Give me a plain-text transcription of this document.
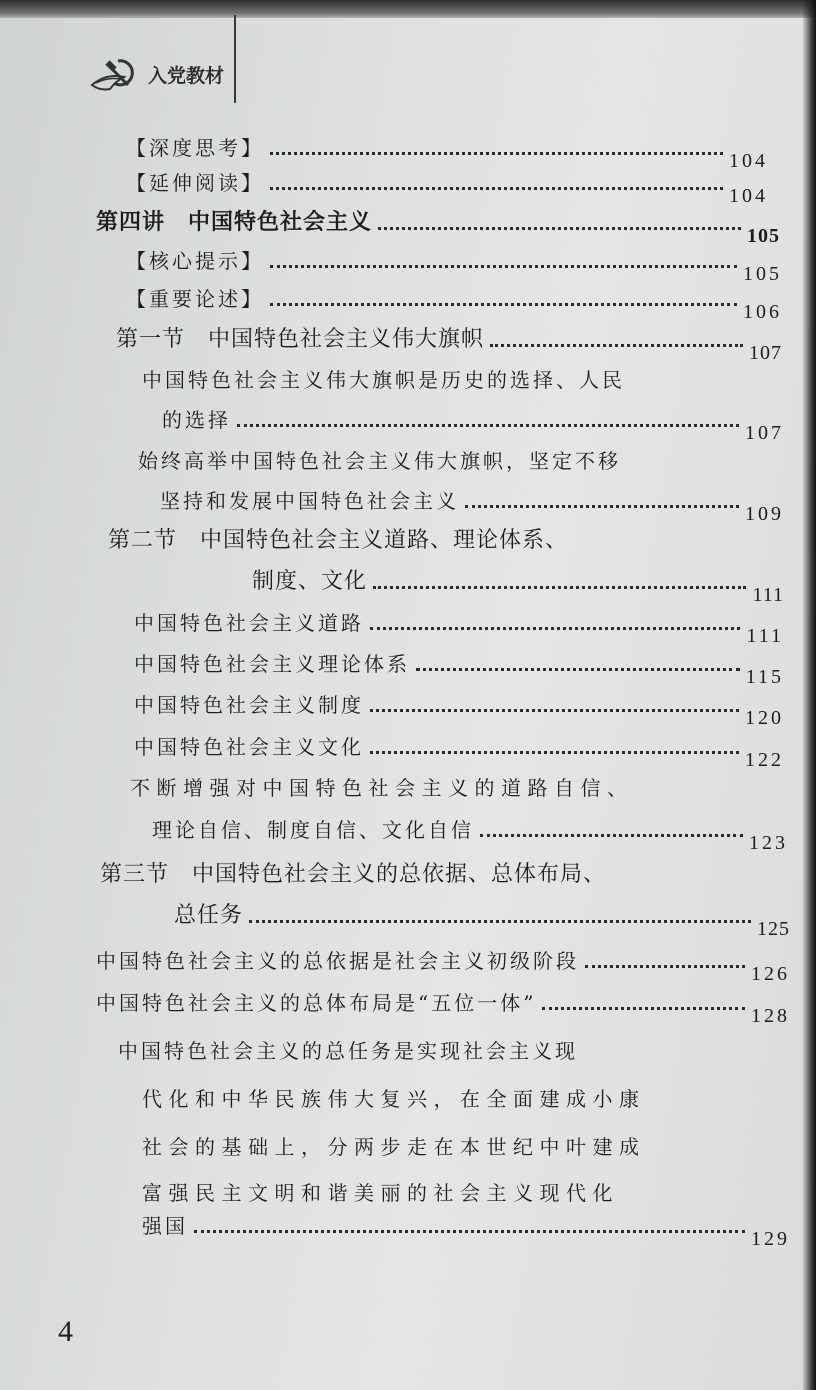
入党教材
【深度思考】
104
【延伸阅读】
104
第四讲　中国特色社会主义
105
【核心提示】
105
【重要论述】
106
第一节　中国特色社会主义伟大旗帜
107
中国特色社会主义伟大旗帜是历史的选择、人民
的选择
107
始终高举中国特色社会主义伟大旗帜，坚定不移
坚持和发展中国特色社会主义
109
第二节　中国特色社会主义道路、理论体系、
制度、文化
111
中国特色社会主义道路
111
中国特色社会主义理论体系
115
中国特色社会主义制度
120
中国特色社会主义文化
122
不断增强对中国特色社会主义的道路自信、
理论自信、制度自信、文化自信
123
第三节　中国特色社会主义的总依据、总体布局、
总任务
125
中国特色社会主义的总依据是社会主义初级阶段
126
中国特色社会主义的总体布局是“五位一体”
128
中国特色社会主义的总任务是实现社会主义现
代化和中华民族伟大复兴，在全面建成小康
社会的基础上，分两步走在本世纪中叶建成
富强民主文明和谐美丽的社会主义现代化
强国
129
4
